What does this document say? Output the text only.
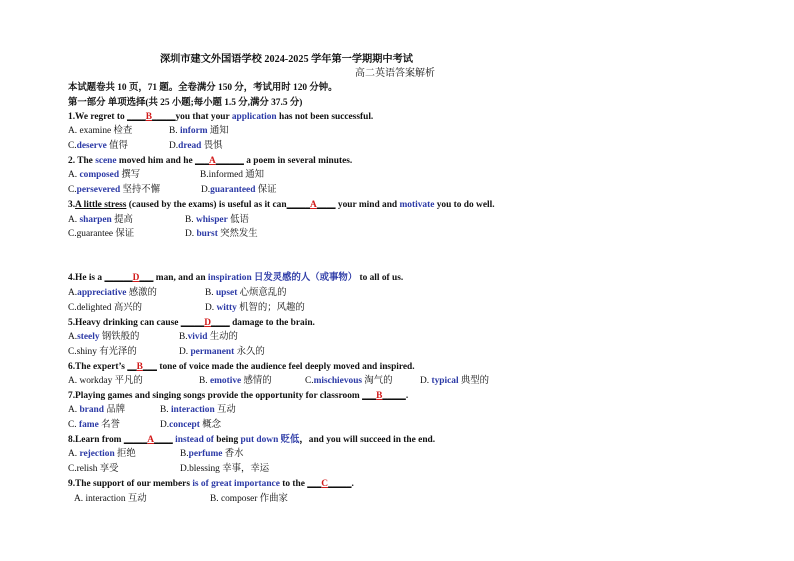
深圳市建文外国语学校 2024-2025 学年第一学期期中考试
高二英语答案解析
本试题卷共 10 页，71 题。全卷满分 150 分，考试用时 120 分钟。
第一部分 单项选择(共 25 小题;每小题 1.5 分,满分 37.5 分)
1.We regret to ____B_____you that your application has not been successful.
A. examine 检查	B. inform 通知
C.deserve 值得	D.dread 畏惧
2. The scene moved him and he ___A______ a poem in several minutes.
A. composed 撰写	B.informed 通知
C.persevered 坚持不懈	D.guaranteed 保证
3.A little stress (caused by the exams) is useful as it can_____A____ your mind and motivate you to do well.
A. sharpen 提高	B. whisper 低语
C.guarantee 保证	D. burst 突然发生
4.He is a ______D___ man, and an inspiration 日发灵感的人（或事物） to all of us.
A.appreciative 感激的	B. upset 心烦意乱的
C.delighted 高兴的	D. witty 机智的；风趣的
5.Heavy drinking can cause _____D____ damage to the brain.
A.steely 钢铁般的	B.vivid 生动的
C.shiny 有光泽的	D. permanent 永久的
6.The expert’s __B___ tone of voice made the audience feel deeply moved and inspired.
A. workday 平凡的	B. emotive 感情的	C.mischievous 淘气的	D. typical 典型的
7.Playing games and singing songs provide the opportunity for classroom ___B_____.
A. brand 品牌	B. interaction 互动
C. fame 名誉	D.concept 概念
8.Learn from _____A____ instead of being put down 贬低，and you will succeed in the end.
A. rejection 拒绝	B.perfume 香水
C.relish 享受	D.blessing 幸事，幸运
9.The support of our members is of great importance to the ___C_____.
A. interaction 互动	B. composer 作曲家
